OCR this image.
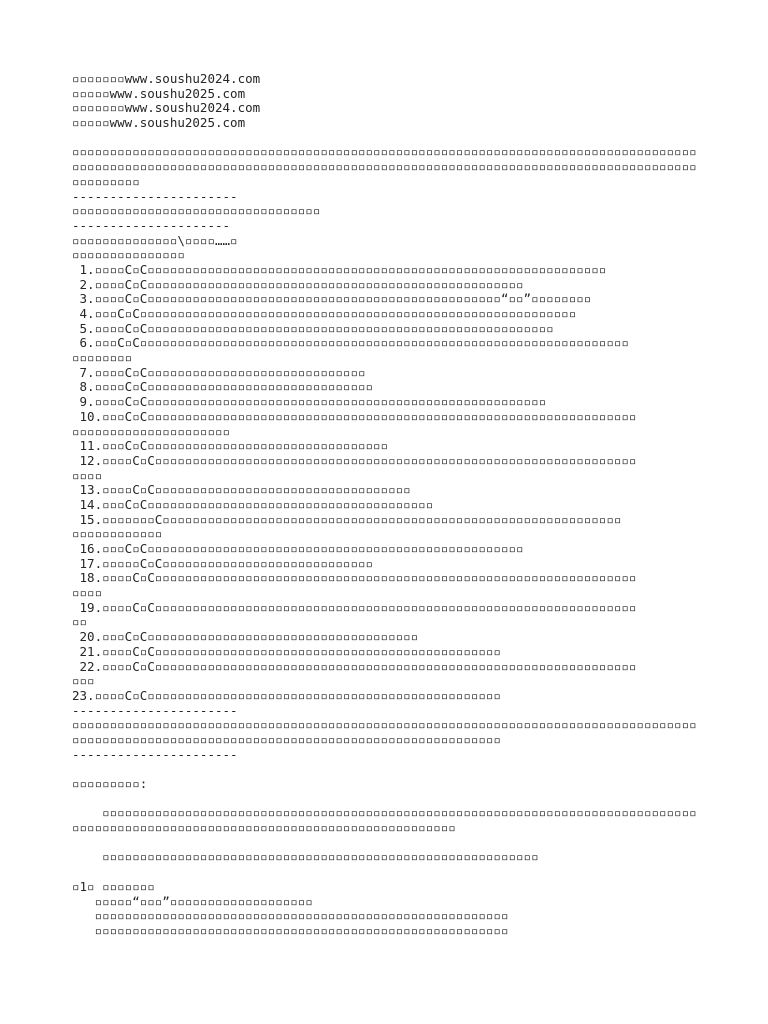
▫▫▫▫▫▫▫www.soushu2024.com
▫▫▫▫▫www.soushu2025.com
▫▫▫▫▫▫▫www.soushu2024.com
▫▫▫▫▫www.soushu2025.com
▫▫▫▫▫▫▫▫▫▫▫▫▫▫▫▫▫▫▫▫▫▫▫▫▫▫▫▫▫▫▫▫▫▫▫▫▫▫▫▫▫▫▫▫▫▫▫▫▫▫▫▫▫▫▫▫▫▫▫▫▫▫▫▫▫▫▫▫▫▫▫▫▫▫▫▫▫▫▫▫▫▫▫
▫▫▫▫▫▫▫▫▫▫▫▫▫▫▫▫▫▫▫▫▫▫▫▫▫▫▫▫▫▫▫▫▫▫▫▫▫▫▫▫▫▫▫▫▫▫▫▫▫▫▫▫▫▫▫▫▫▫▫▫▫▫▫▫▫▫▫▫▫▫▫▫▫▫▫▫▫▫▫▫▫▫▫
▫▫▫▫▫▫▫▫▫
----------------------
▫▫▫▫▫▫▫▫▫▫▫▫▫▫▫▫▫▫▫▫▫▫▫▫▫▫▫▫▫▫▫▫▫
---------------------
▫▫▫▫▫▫▫▫▫▫▫▫▫▫\▫▫▫▫……▫
▫▫▫▫▫▫▫▫▫▫▫▫▫▫▫
1.▫▫▫▫C▫C▫▫▫▫▫▫▫▫▫▫▫▫▫▫▫▫▫▫▫▫▫▫▫▫▫▫▫▫▫▫▫▫▫▫▫▫▫▫▫▫▫▫▫▫▫▫▫▫▫▫▫▫▫▫▫▫▫▫▫▫▫
2.▫▫▫▫C▫C▫▫▫▫▫▫▫▫▫▫▫▫▫▫▫▫▫▫▫▫▫▫▫▫▫▫▫▫▫▫▫▫▫▫▫▫▫▫▫▫▫▫▫▫▫▫▫▫▫▫
3.▫▫▫▫C▫C▫▫▫▫▫▫▫▫▫▫▫▫▫▫▫▫▫▫▫▫▫▫▫▫▫▫▫▫▫▫▫▫▫▫▫▫▫▫▫▫▫▫▫▫▫▫▫“▫▫”▫▫▫▫▫▫▫▫
4.▫▫▫C▫C▫▫▫▫▫▫▫▫▫▫▫▫▫▫▫▫▫▫▫▫▫▫▫▫▫▫▫▫▫▫▫▫▫▫▫▫▫▫▫▫▫▫▫▫▫▫▫▫▫▫▫▫▫▫▫▫▫▫
5.▫▫▫▫C▫C▫▫▫▫▫▫▫▫▫▫▫▫▫▫▫▫▫▫▫▫▫▫▫▫▫▫▫▫▫▫▫▫▫▫▫▫▫▫▫▫▫▫▫▫▫▫▫▫▫▫▫▫▫▫
6.▫▫▫C▫C▫▫▫▫▫▫▫▫▫▫▫▫▫▫▫▫▫▫▫▫▫▫▫▫▫▫▫▫▫▫▫▫▫▫▫▫▫▫▫▫▫▫▫▫▫▫▫▫▫▫▫▫▫▫▫▫▫▫▫▫▫▫▫▫▫
▫▫▫▫▫▫▫▫
7.▫▫▫▫C▫C▫▫▫▫▫▫▫▫▫▫▫▫▫▫▫▫▫▫▫▫▫▫▫▫▫▫▫▫▫
8.▫▫▫▫C▫C▫▫▫▫▫▫▫▫▫▫▫▫▫▫▫▫▫▫▫▫▫▫▫▫▫▫▫▫▫▫
9.▫▫▫▫C▫C▫▫▫▫▫▫▫▫▫▫▫▫▫▫▫▫▫▫▫▫▫▫▫▫▫▫▫▫▫▫▫▫▫▫▫▫▫▫▫▫▫▫▫▫▫▫▫▫▫▫▫▫▫
10.▫▫▫C▫C▫▫▫▫▫▫▫▫▫▫▫▫▫▫▫▫▫▫▫▫▫▫▫▫▫▫▫▫▫▫▫▫▫▫▫▫▫▫▫▫▫▫▫▫▫▫▫▫▫▫▫▫▫▫▫▫▫▫▫▫▫▫▫▫▫
▫▫▫▫▫▫▫▫▫▫▫▫▫▫▫▫▫▫▫▫▫
11.▫▫▫C▫C▫▫▫▫▫▫▫▫▫▫▫▫▫▫▫▫▫▫▫▫▫▫▫▫▫▫▫▫▫▫▫▫
12.▫▫▫▫C▫C▫▫▫▫▫▫▫▫▫▫▫▫▫▫▫▫▫▫▫▫▫▫▫▫▫▫▫▫▫▫▫▫▫▫▫▫▫▫▫▫▫▫▫▫▫▫▫▫▫▫▫▫▫▫▫▫▫▫▫▫▫▫▫▫
▫▫▫▫
13.▫▫▫▫C▫C▫▫▫▫▫▫▫▫▫▫▫▫▫▫▫▫▫▫▫▫▫▫▫▫▫▫▫▫▫▫▫▫▫▫
14.▫▫▫C▫C▫▫▫▫▫▫▫▫▫▫▫▫▫▫▫▫▫▫▫▫▫▫▫▫▫▫▫▫▫▫▫▫▫▫▫▫▫▫
15.▫▫▫▫▫▫▫C▫▫▫▫▫▫▫▫▫▫▫▫▫▫▫▫▫▫▫▫▫▫▫▫▫▫▫▫▫▫▫▫▫▫▫▫▫▫▫▫▫▫▫▫▫▫▫▫▫▫▫▫▫▫▫▫▫▫▫▫▫
▫▫▫▫▫▫▫▫▫▫▫▫
16.▫▫▫C▫C▫▫▫▫▫▫▫▫▫▫▫▫▫▫▫▫▫▫▫▫▫▫▫▫▫▫▫▫▫▫▫▫▫▫▫▫▫▫▫▫▫▫▫▫▫▫▫▫▫▫
17.▫▫▫▫▫C▫C▫▫▫▫▫▫▫▫▫▫▫▫▫▫▫▫▫▫▫▫▫▫▫▫▫▫▫▫
18.▫▫▫▫C▫C▫▫▫▫▫▫▫▫▫▫▫▫▫▫▫▫▫▫▫▫▫▫▫▫▫▫▫▫▫▫▫▫▫▫▫▫▫▫▫▫▫▫▫▫▫▫▫▫▫▫▫▫▫▫▫▫▫▫▫▫▫▫▫▫
▫▫▫▫
19.▫▫▫▫C▫C▫▫▫▫▫▫▫▫▫▫▫▫▫▫▫▫▫▫▫▫▫▫▫▫▫▫▫▫▫▫▫▫▫▫▫▫▫▫▫▫▫▫▫▫▫▫▫▫▫▫▫▫▫▫▫▫▫▫▫▫▫▫▫▫
▫▫
20.▫▫▫C▫C▫▫▫▫▫▫▫▫▫▫▫▫▫▫▫▫▫▫▫▫▫▫▫▫▫▫▫▫▫▫▫▫▫▫▫▫
21.▫▫▫▫C▫C▫▫▫▫▫▫▫▫▫▫▫▫▫▫▫▫▫▫▫▫▫▫▫▫▫▫▫▫▫▫▫▫▫▫▫▫▫▫▫▫▫▫▫▫▫▫
22.▫▫▫▫C▫C▫▫▫▫▫▫▫▫▫▫▫▫▫▫▫▫▫▫▫▫▫▫▫▫▫▫▫▫▫▫▫▫▫▫▫▫▫▫▫▫▫▫▫▫▫▫▫▫▫▫▫▫▫▫▫▫▫▫▫▫▫▫▫▫
▫▫▫
23.▫▫▫▫C▫C▫▫▫▫▫▫▫▫▫▫▫▫▫▫▫▫▫▫▫▫▫▫▫▫▫▫▫▫▫▫▫▫▫▫▫▫▫▫▫▫▫▫▫▫▫▫▫
----------------------
▫▫▫▫▫▫▫▫▫▫▫▫▫▫▫▫▫▫▫▫▫▫▫▫▫▫▫▫▫▫▫▫▫▫▫▫▫▫▫▫▫▫▫▫▫▫▫▫▫▫▫▫▫▫▫▫▫▫▫▫▫▫▫▫▫▫▫▫▫▫▫▫▫▫▫▫▫▫▫▫▫▫▫
▫▫▫▫▫▫▫▫▫▫▫▫▫▫▫▫▫▫▫▫▫▫▫▫▫▫▫▫▫▫▫▫▫▫▫▫▫▫▫▫▫▫▫▫▫▫▫▫▫▫▫▫▫▫▫▫▫
----------------------
▫▫▫▫▫▫▫▫▫:
▫▫▫▫▫▫▫▫▫▫▫▫▫▫▫▫▫▫▫▫▫▫▫▫▫▫▫▫▫▫▫▫▫▫▫▫▫▫▫▫▫▫▫▫▫▫▫▫▫▫▫▫▫▫▫▫▫▫▫▫▫▫▫▫▫▫▫▫▫▫▫▫▫▫▫▫▫▫▫
▫▫▫▫▫▫▫▫▫▫▫▫▫▫▫▫▫▫▫▫▫▫▫▫▫▫▫▫▫▫▫▫▫▫▫▫▫▫▫▫▫▫▫▫▫▫▫▫▫▫▫
▫▫▫▫▫▫▫▫▫▫▫▫▫▫▫▫▫▫▫▫▫▫▫▫▫▫▫▫▫▫▫▫▫▫▫▫▫▫▫▫▫▫▫▫▫▫▫▫▫▫▫▫▫▫▫▫▫▫
▫1▫ ▫▫▫▫▫▫▫
▫▫▫▫▫“▫▫▫”▫▫▫▫▫▫▫▫▫▫▫▫▫▫▫▫▫▫▫
▫▫▫▫▫▫▫▫▫▫▫▫▫▫▫▫▫▫▫▫▫▫▫▫▫▫▫▫▫▫▫▫▫▫▫▫▫▫▫▫▫▫▫▫▫▫▫▫▫▫▫▫▫▫▫
▫▫▫▫▫▫▫▫▫▫▫▫▫▫▫▫▫▫▫▫▫▫▫▫▫▫▫▫▫▫▫▫▫▫▫▫▫▫▫▫▫▫▫▫▫▫▫▫▫▫▫▫▫▫▫
